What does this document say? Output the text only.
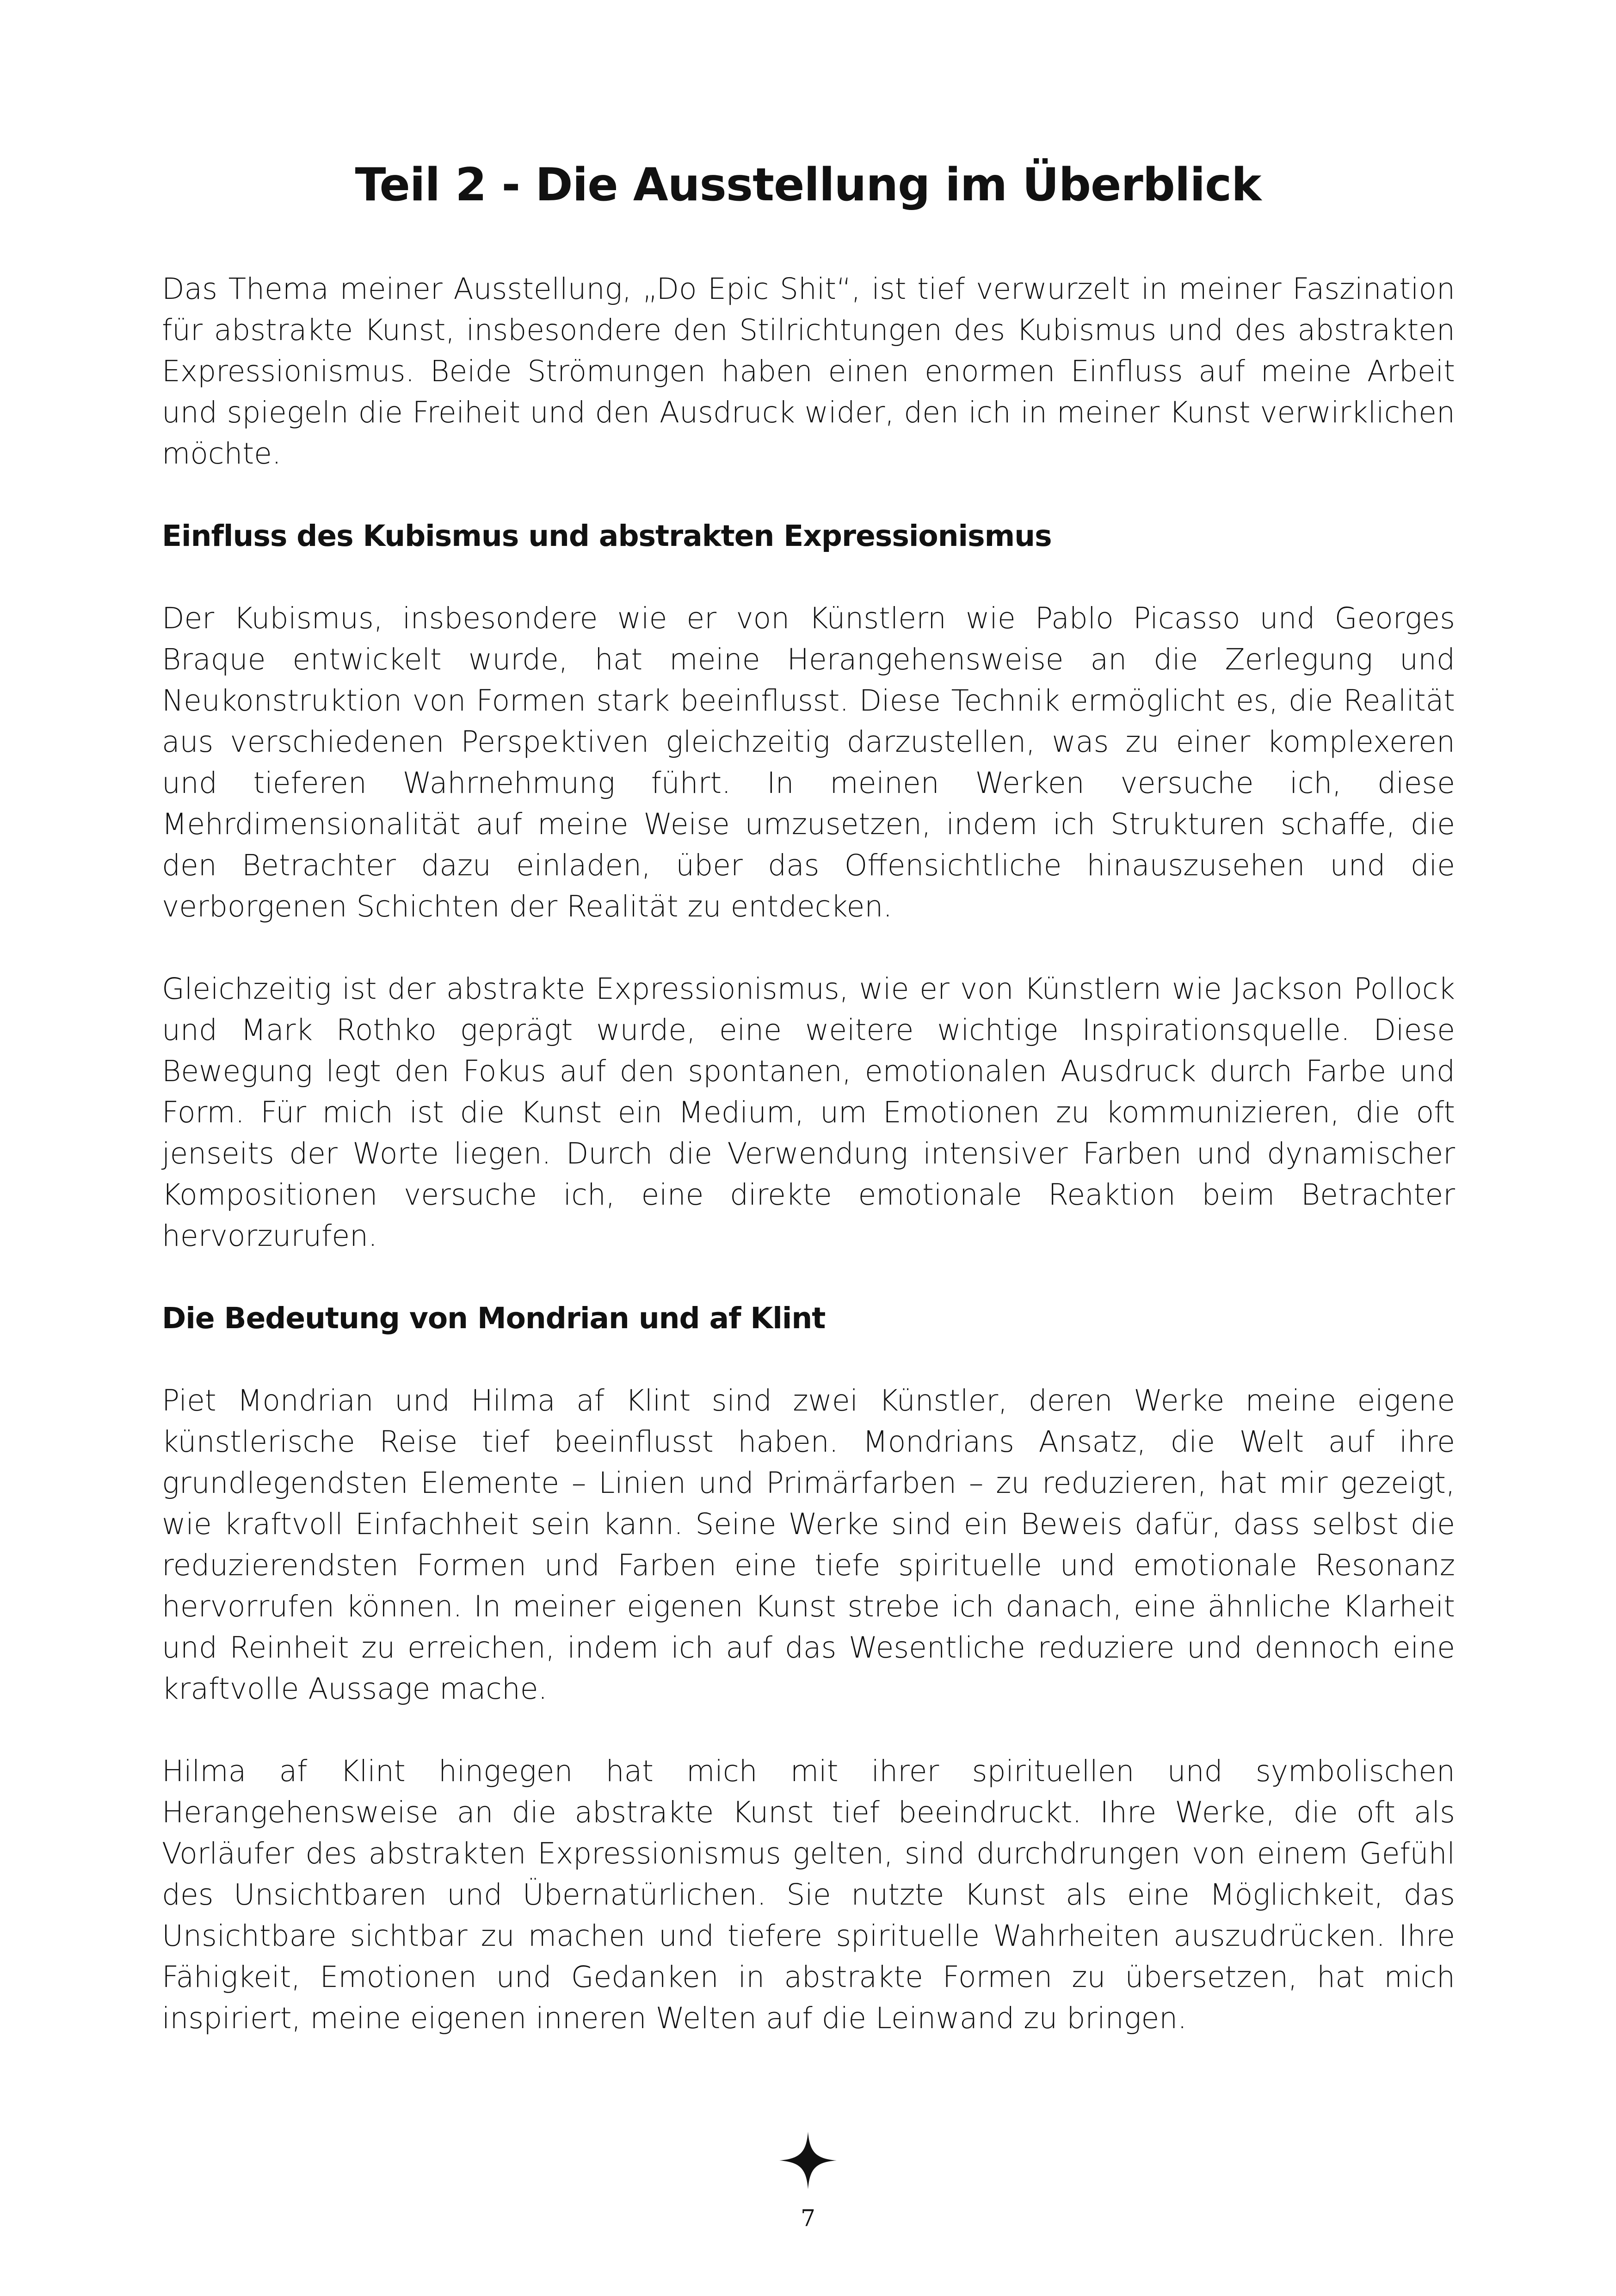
Teil 2 - Die Ausstellung im Überblick

Das Thema meiner Ausstellung, „Do Epic Shit“, ist tief verwurzelt in meiner Faszination für abstrakte Kunst, insbesondere den Stilrichtungen des Kubismus und des abstrakten Expressionismus. Beide Strömungen haben einen enormen Einfluss auf meine Arbeit und spiegeln die Freiheit und den Ausdruck wider, den ich in meiner Kunst verwirklichen möchte.

Einfluss des Kubismus und abstrakten Expressionismus

Der Kubismus, insbesondere wie er von Künstlern wie Pablo Picasso und Georges Braque entwickelt wurde, hat meine Herangehensweise an die Zerlegung und Neukonstruktion von Formen stark beeinflusst. Diese Technik ermöglicht es, die Realität aus verschiedenen Perspektiven gleichzeitig darzustellen, was zu einer komplexeren und tieferen Wahrnehmung führt. In meinen Werken versuche ich, diese Mehrdimensionalität auf meine Weise umzusetzen, indem ich Strukturen schaffe, die den Betrachter dazu einladen, über das Offensichtliche hinauszusehen und die verborgenen Schichten der Realität zu entdecken.

Gleichzeitig ist der abstrakte Expressionismus, wie er von Künstlern wie Jackson Pollock und Mark Rothko geprägt wurde, eine weitere wichtige Inspirationsquelle. Diese Bewegung legt den Fokus auf den spontanen, emotionalen Ausdruck durch Farbe und Form. Für mich ist die Kunst ein Medium, um Emotionen zu kommunizieren, die oft jenseits der Worte liegen. Durch die Verwendung intensiver Farben und dynamischer Kompositionen versuche ich, eine direkte emotionale Reaktion beim Betrachter hervorzurufen.

Die Bedeutung von Mondrian und af Klint

Piet Mondrian und Hilma af Klint sind zwei Künstler, deren Werke meine eigene künstlerische Reise tief beeinflusst haben. Mondrians Ansatz, die Welt auf ihre grundlegendsten Elemente – Linien und Primärfarben – zu reduzieren, hat mir gezeigt, wie kraftvoll Einfachheit sein kann. Seine Werke sind ein Beweis dafür, dass selbst die reduzierendsten Formen und Farben eine tiefe spirituelle und emotionale Resonanz hervorrufen können. In meiner eigenen Kunst strebe ich danach, eine ähnliche Klarheit und Reinheit zu erreichen, indem ich auf das Wesentliche reduziere und dennoch eine kraftvolle Aussage mache.

Hilma af Klint hingegen hat mich mit ihrer spirituellen und symbolischen Herangehensweise an die abstrakte Kunst tief beeindruckt. Ihre Werke, die oft als Vorläufer des abstrakten Expressionismus gelten, sind durchdrungen von einem Gefühl des Unsichtbaren und Übernatürlichen. Sie nutzte Kunst als eine Möglichkeit, das Unsichtbare sichtbar zu machen und tiefere spirituelle Wahrheiten auszudrücken. Ihre Fähigkeit, Emotionen und Gedanken in abstrakte Formen zu übersetzen, hat mich inspiriert, meine eigenen inneren Welten auf die Leinwand zu bringen.

7
